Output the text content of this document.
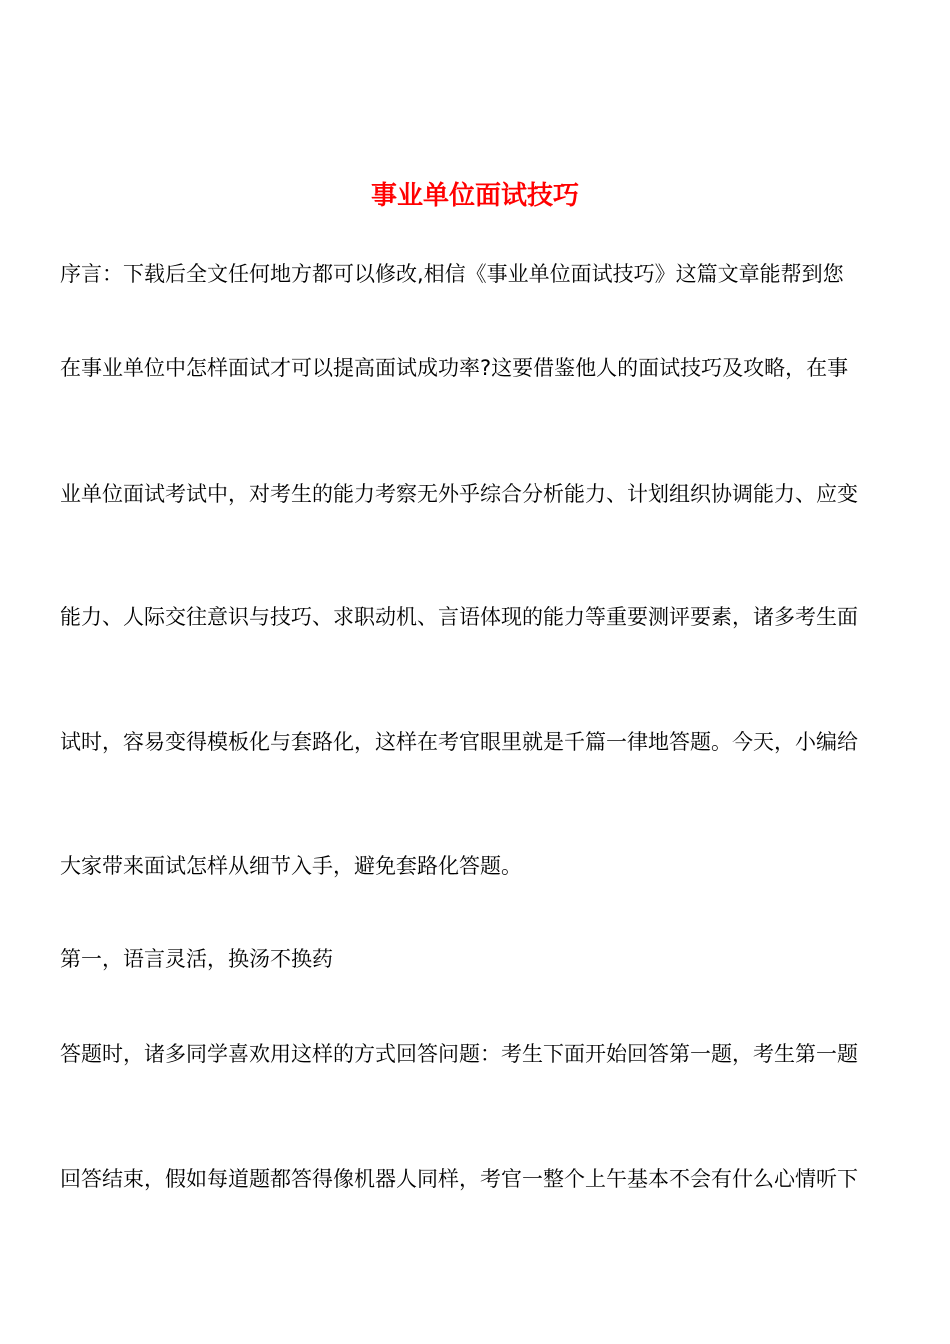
事业单位面试技巧
序言：下载后全文任何地方都可以修改,相信《事业单位面试技巧》这篇文章能帮到您
在事业单位中怎样面试才可以提高面试成功率?这要借鉴他人的面试技巧及攻略，在事
业单位面试考试中，对考生的能力考察无外乎综合分析能力、计划组织协调能力、应变
能力、人际交往意识与技巧、求职动机、言语体现的能力等重要测评要素，诸多考生面
试时，容易变得模板化与套路化，这样在考官眼里就是千篇一律地答题。今天，小编给
大家带来面试怎样从细节入手，避免套路化答题。
第一，语言灵活，换汤不换药
答题时，诸多同学喜欢用这样的方式回答问题：考生下面开始回答第一题，考生第一题
回答结束，假如每道题都答得像机器人同样，考官一整个上午基本不会有什么心情听下
